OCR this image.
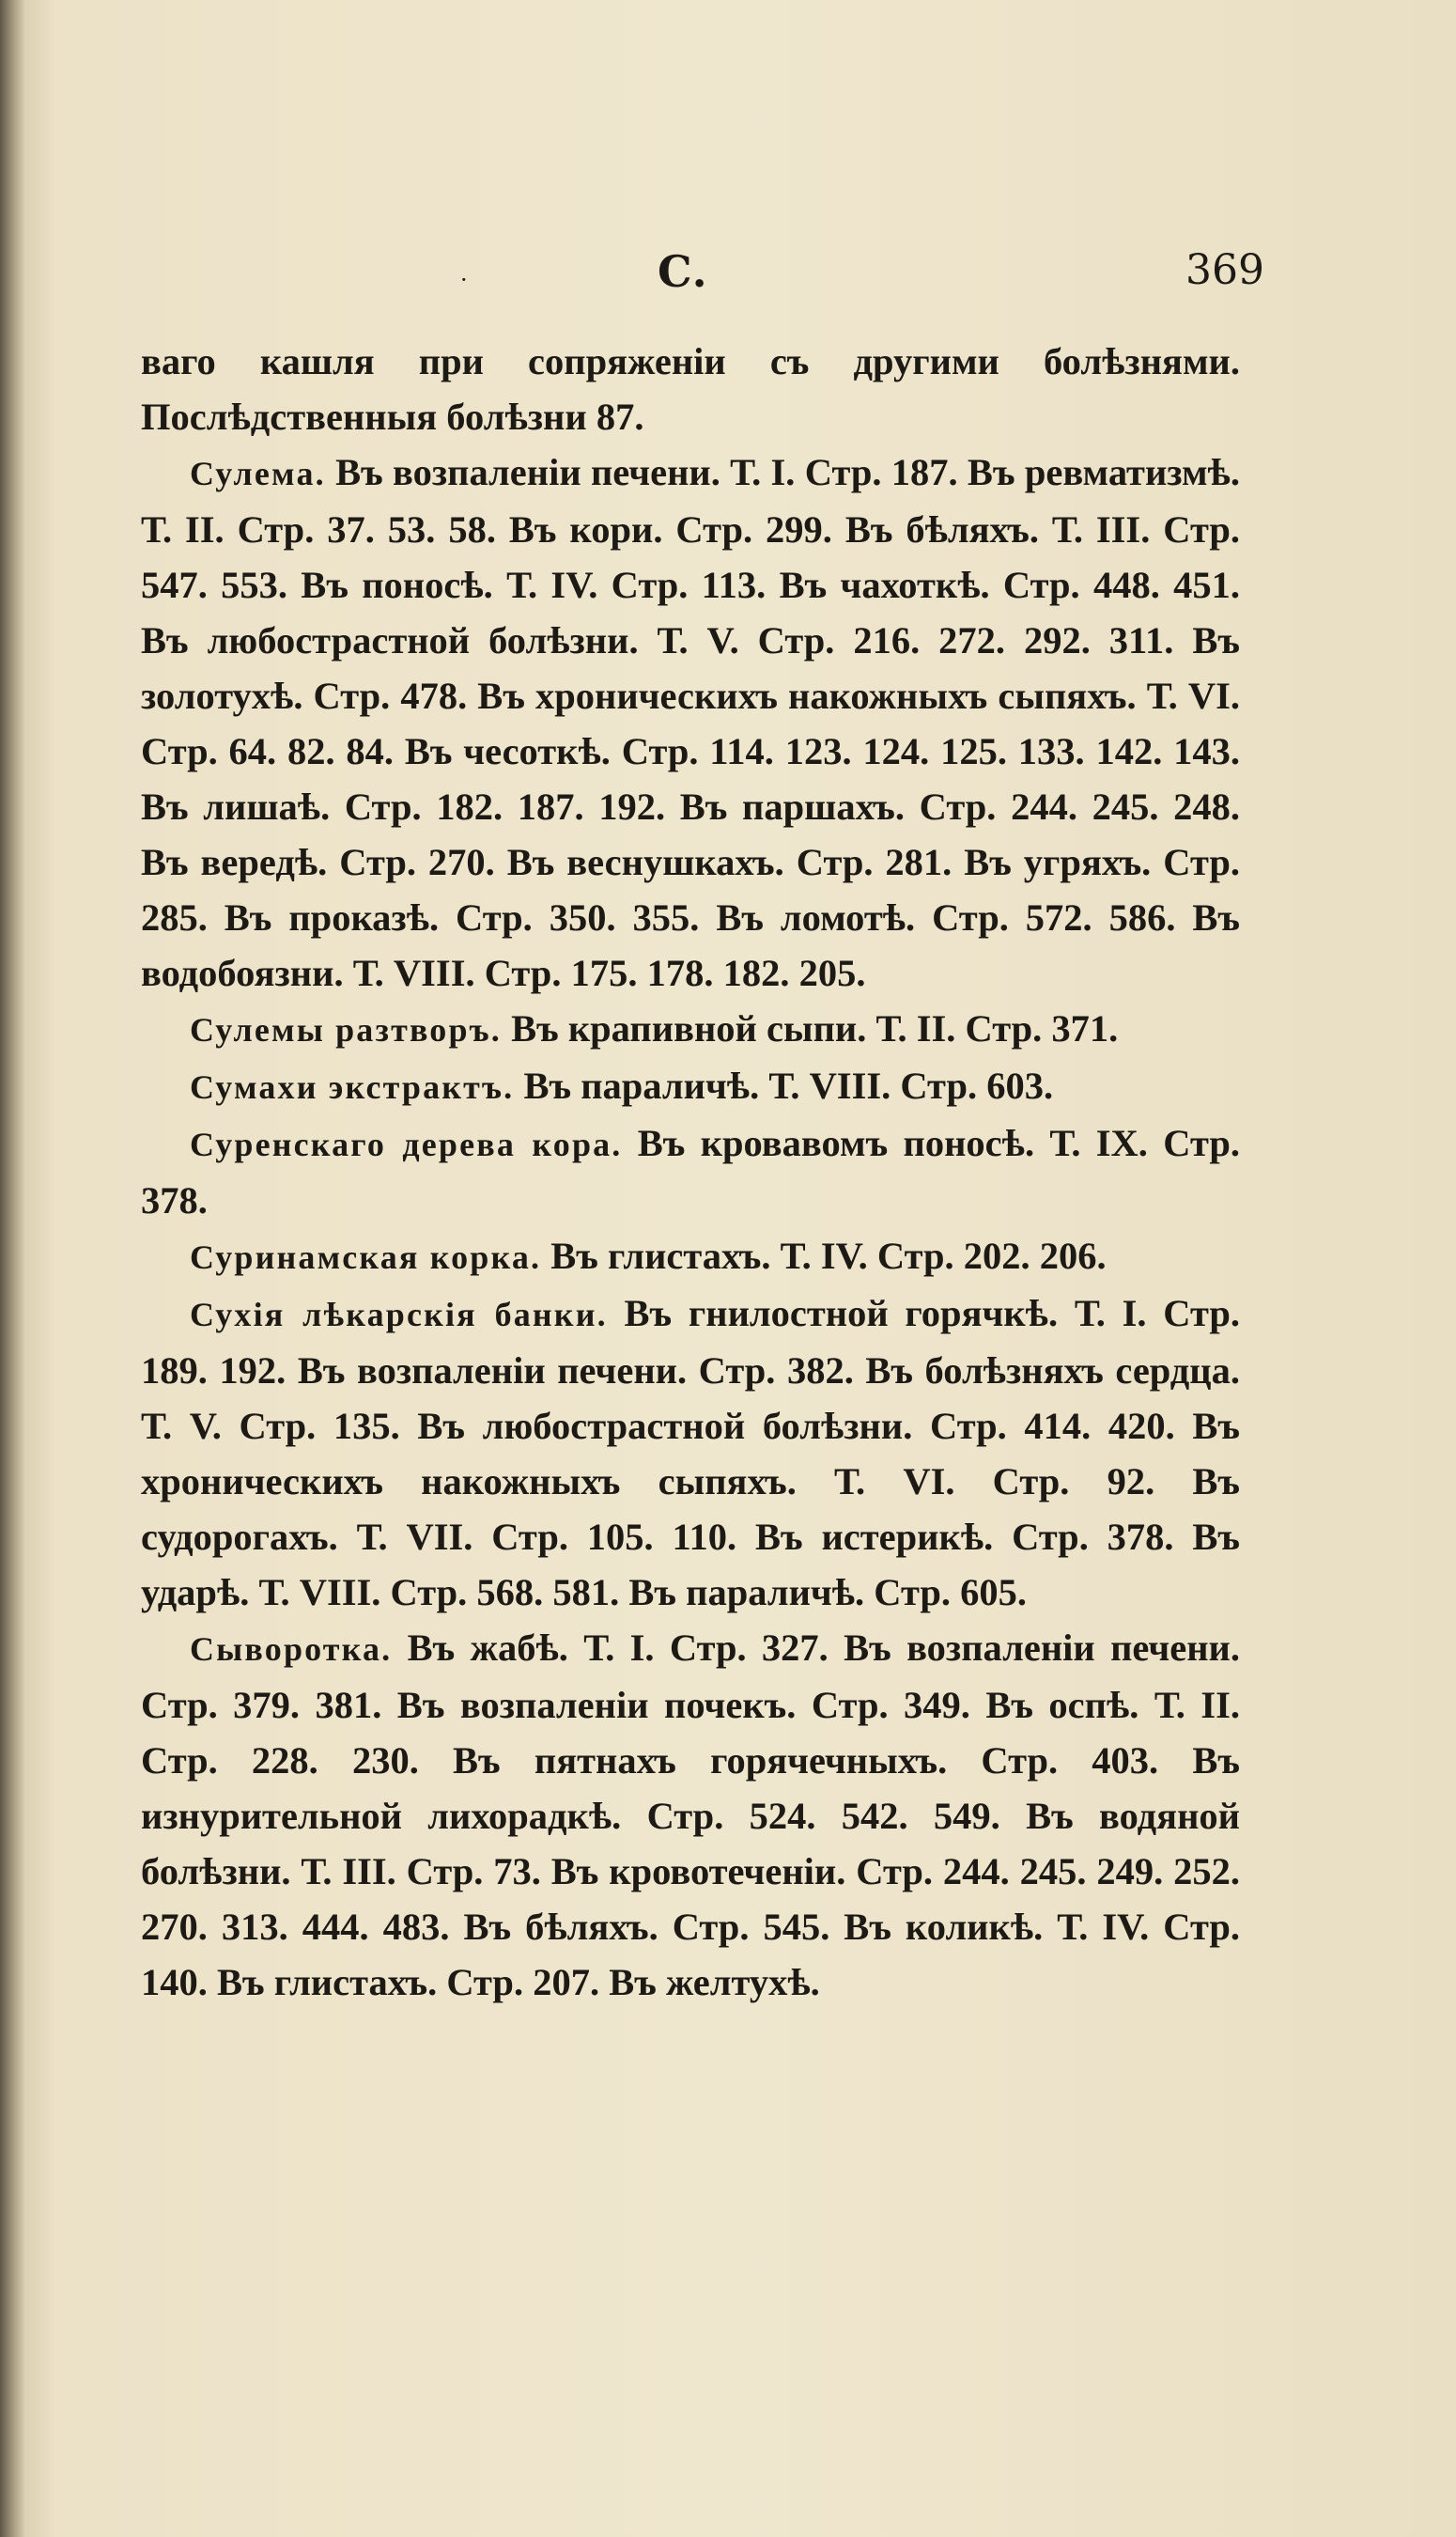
·	С.	369

ваго кашля при сопряженіи съ другими болѣзнями. Послѣдственныя болѣзни 87.

Сулема. Въ возпаленіи печени. Т. I. Стр. 187. Въ ревматизмѣ. Т. II. Стр. 37. 53. 58. Въ кори. Стр. 299. Въ бѣляхъ. Т. III. Стр. 547. 553. Въ поносѣ. Т. IV. Стр. 113. Въ чахоткѣ. Стр. 448. 451. Въ любострастной болѣзни. Т. V. Стр. 216. 272. 292. 311. Въ золотухѣ. Стр. 478. Въ хроническихъ накожныхъ сыпяхъ. Т. VI. Стр. 64. 82. 84. Въ чесоткѣ. Стр. 114. 123. 124. 125. 133. 142. 143. Въ лишаѣ. Стр. 182. 187. 192. Въ паршахъ. Стр. 244. 245. 248. Въ вередѣ. Стр. 270. Въ веснушкахъ. Стр. 281. Въ угряхъ. Стр. 285. Въ проказѣ. Стр. 350. 355. Въ ломотѣ. Стр. 572. 586. Въ водобоязни. Т. VIII. Стр. 175. 178. 182. 205.

Сулемы разтворъ. Въ крапивной сыпи. Т. II. Стр. 371.

Сумахи экстрактъ. Въ параличѣ. Т. VIII. Стр. 603.

Суренскаго дерева кора. Въ кровавомъ поносѣ. Т. IX. Стр. 378.

Суринамская корка. Въ глистахъ. Т. IV. Стр. 202. 206.

Сухія лѣкарскія банки. Въ гнилостной горячкѣ. Т. I. Стр. 189. 192. Въ возпаленіи печени. Стр. 382. Въ болѣзняхъ сердца. Т. V. Стр. 135. Въ любострастной болѣзни. Стр. 414. 420. Въ хроническихъ накожныхъ сыпяхъ. Т. VI. Стр. 92. Въ судорогахъ. Т. VII. Стр. 105. 110. Въ истерикѣ. Стр. 378. Въ ударѣ. Т. VIII. Стр. 568. 581. Въ параличѣ. Стр. 605.

Сыворотка. Въ жабѣ. Т. I. Стр. 327. Въ возпаленіи печени. Стр. 379. 381. Въ возпаленіи почекъ. Стр. 349. Въ оспѣ. Т. II. Стр. 228. 230. Въ пятнахъ горячечныхъ. Стр. 403. Въ изнурительной лихорадкѣ. Стр. 524. 542. 549. Въ водяной болѣзни. Т. III. Стр. 73. Въ кровотеченіи. Стр. 244. 245. 249. 252. 270. 313. 444. 483. Въ бѣляхъ. Стр. 545. Въ коликѣ. Т. IV. Стр. 140. Въ глистахъ. Стр. 207. Въ желтухѣ.
